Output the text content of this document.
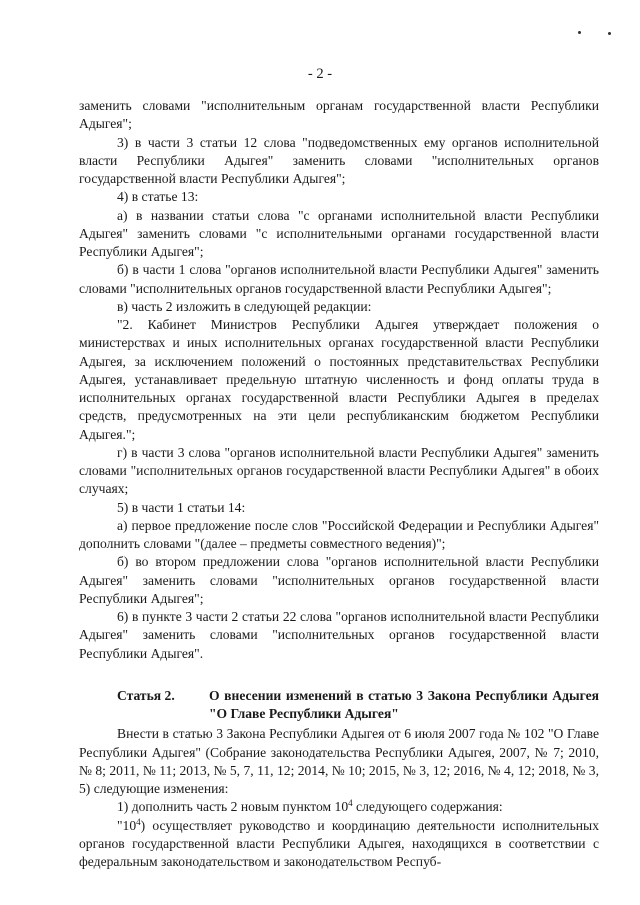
- 2 -

заменить словами "исполнительным органам государственной власти Республики Адыгея";

3) в части 3 статьи 12 слова "подведомственных ему органов исполнительной власти Республики Адыгея" заменить словами "исполнительных органов государственной власти Республики Адыгея";

4) в статье 13:

а) в названии статьи слова "с органами исполнительной власти Республики Адыгея" заменить словами "с исполнительными органами государственной власти Республики Адыгея";

б) в части 1 слова "органов исполнительной власти Республики Адыгея" заменить словами "исполнительных органов государственной власти Республики Адыгея";

в) часть 2 изложить в следующей редакции:

"2. Кабинет Министров Республики Адыгея утверждает положения о министерствах и иных исполнительных органах государственной власти Республики Адыгея, за исключением положений о постоянных представительствах Республики Адыгея, устанавливает предельную штатную численность и фонд оплаты труда в исполнительных органах государственной власти Республики Адыгея в пределах средств, предусмотренных на эти цели республиканским бюджетом Республики Адыгея.";

г) в части 3 слова "органов исполнительной власти Республики Адыгея" заменить словами "исполнительных органов государственной власти Республики Адыгея" в обоих случаях;

5) в части 1 статьи 14:

а) первое предложение после слов "Российской Федерации и Республики Адыгея" дополнить словами "(далее – предметы совместного ведения)";

б) во втором предложении слова "органов исполнительной власти Республики Адыгея" заменить словами "исполнительных органов государственной власти Республики Адыгея";

6) в пункте 3 части 2 статьи 22 слова "органов исполнительной власти Республики Адыгея" заменить словами "исполнительных органов государственной власти Республики Адыгея".

Статья 2.	О внесении изменений в статью 3 Закона Республики Адыгея "О Главе Республики Адыгея"

Внести в статью 3 Закона Республики Адыгея от 6 июля 2007 года № 102 "О Главе Республики Адыгея" (Собрание законодательства Республики Адыгея, 2007, № 7; 2010, № 8; 2011, № 11; 2013, № 5, 7, 11, 12; 2014, № 10; 2015, № 3, 12; 2016, № 4, 12; 2018, № 3, 5) следующие изменения:

1) дополнить часть 2 новым пунктом $10^4$ следующего содержания:

"$10^4$) осуществляет руководство и координацию деятельности исполнительных органов государственной власти Республики Адыгея, находящихся в соответствии с федеральным законодательством и законодательством Респуб-
